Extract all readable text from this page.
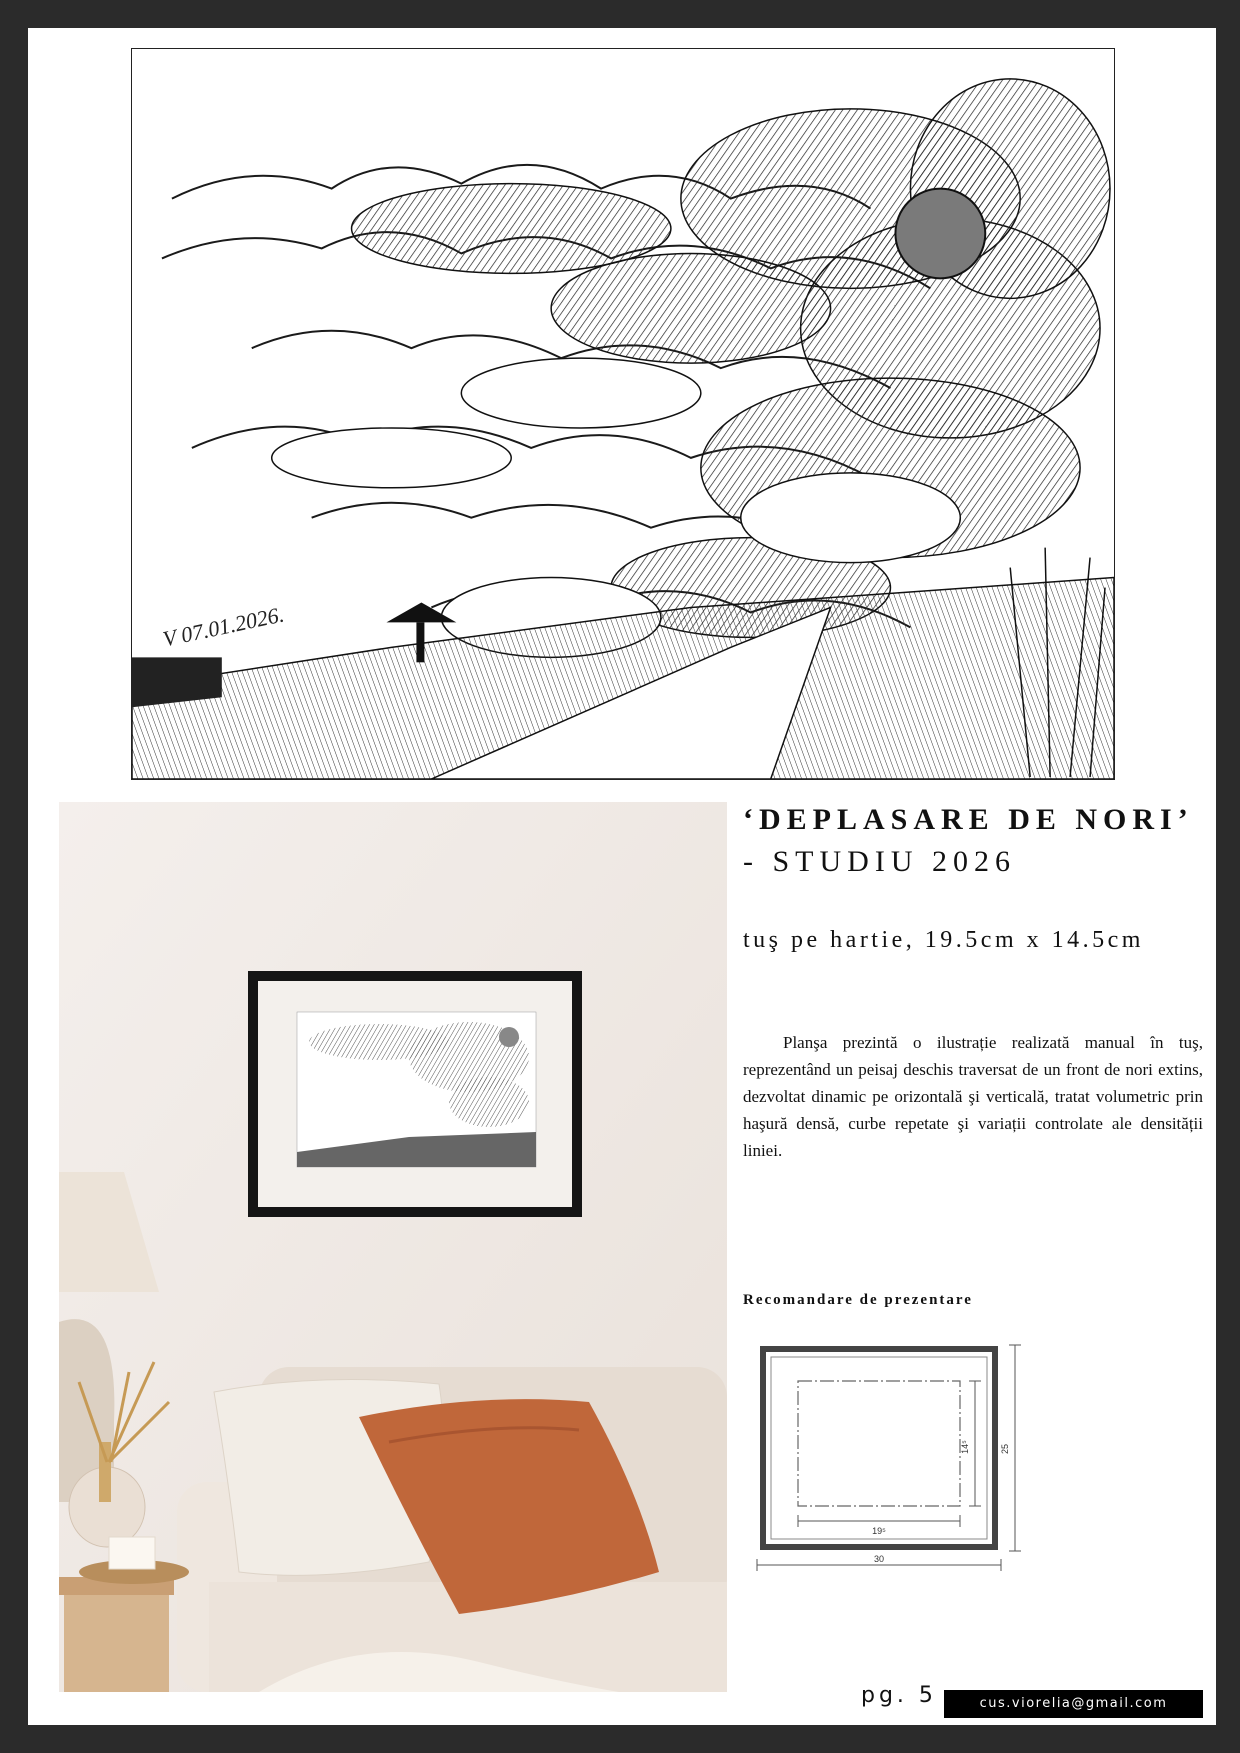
V 07.01.2026.
‘DEPLASARE DE NORI’
- STUDIU 2026
tuş pe hartie, 19.5cm x 14.5cm

Planşa prezintă o ilustrație realizată manual în tuş, reprezentând un peisaj deschis traversat de un front de nori extins, dezvoltat dinamic pe orizontală şi verticală, tratat volumetric prin haşură densă, curbe repetate şi variații controlate ale densității liniei.

Recomandare de prezentare
19⁵
14⁵
30
25
pg. 5	cus.viorelia@gmail.com
